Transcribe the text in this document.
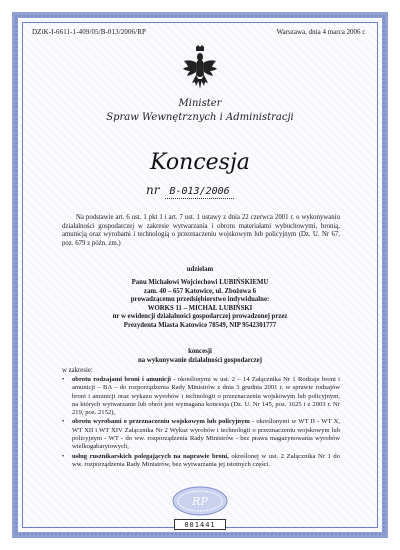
DZiK-I-6611-1-409/05/B-013/2006/RP	Warszawa, dnia 4 marca 2006 r.
Minister
Spraw Wewnętrznych i Administracji
Koncesja
nr B-013/2006
Na podstawie art. 6 ust. 1 pkt 1 i art. 7 ust. 1 ustawy z dnia 22 czerwca 2001 r. o wykonywaniu działalności gospodarczej w zakresie wytwarzania i obrotu materiałami wybuchowymi, bronią, amunicją oraz wyrobami i technologią o przeznaczeniu wojskowym lub policyjnym (Dz. U. Nr 67, poz. 679 z późn. zm.)
udzielam
Panu Michałowi Wojciechowi LUBIŃSKIEMU
zam. 40 – 657 Katowice, ul. Zbożowa 6
prowadzącemu przedsiębiorstwo indywidualne:
WORKS 11 – MICHAŁ LUBIŃSKI
nr w ewidencji działalności gospodarczej prowadzonej przez
Prezydenta Miasta Katowice 78549, NIP 9542301777
koncesji
na wykonywanie działalności gospodarczej
w zakresie:
• obrotu rodzajami broni i amunicji - określonymi w ust. 2 – 14 Załącznika Nr 1 Rodzaje broni i amunicji – BA – do rozporządzenia Rady Ministrów z dnia 3 grudnia 2001 r. w sprawie rodzajów broni i amunicji oraz wykazu wyrobów i technologii o przeznaczeniu wojskowym lub policyjnym, na których wytwarzanie lub obrót jest wymagana koncesja (Dz. U. Nr 145, poz. 1625 i z 2003 r. Nr 219, poz. 2152),
• obrotu wyrobami o przeznaczeniu wojskowym lub policyjnym - określonymi w WT II - WT X, WT XII i WT XIV Załącznika Nr 2 Wykaz wyrobów i technologii o przeznaczeniu wojskowym lub policyjnym - WT - do ww. rozporządzenia Rady Ministrów - bez prawa magazynowania wyrobów wielkogabarytowych,
• usług rusznikarskich polegających na naprawie broni, określonej w ust. 2 Załącznika Nr 1 do ww. rozporządzenia Rady Ministrów, bez wytwarzania jej istotnych części.
RP
001441
